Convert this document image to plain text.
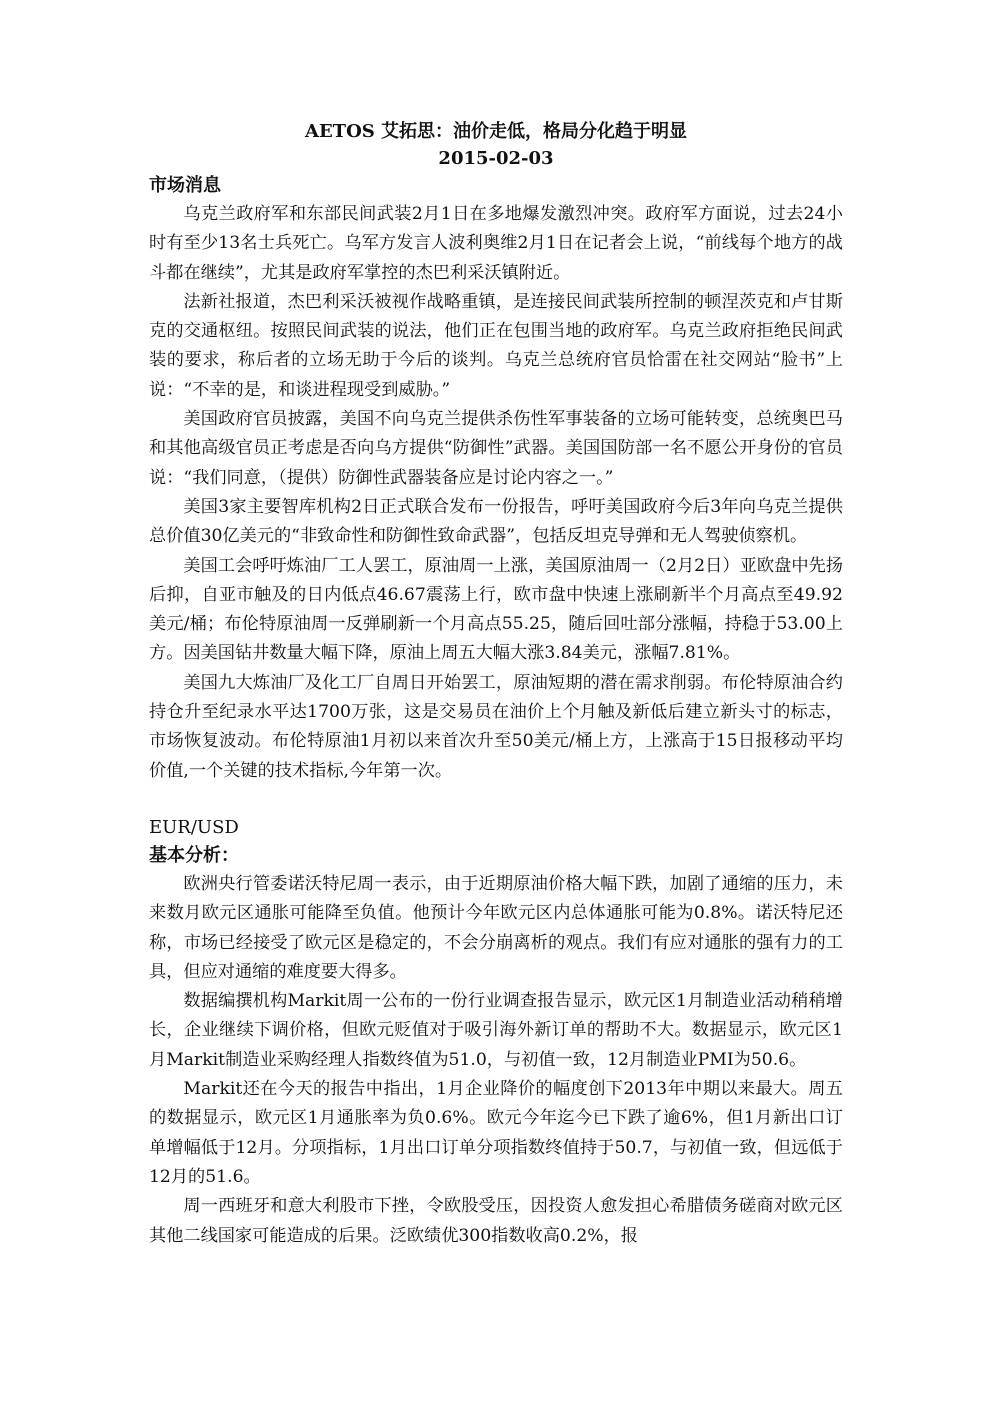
AETOS 艾拓思：油价走低，格局分化趋于明显
2015-02-03
市场消息

乌克兰政府军和东部民间武装2月1日在多地爆发激烈冲突。政府军方面说，过去24小时有至少13名士兵死亡。乌军方发言人波利奥维2月1日在记者会上说，“前线每个地方的战斗都在继续”，尤其是政府军掌控的杰巴利采沃镇附近。

法新社报道，杰巴利采沃被视作战略重镇，是连接民间武装所控制的顿涅茨克和卢甘斯克的交通枢纽。按照民间武装的说法，他们正在包围当地的政府军。乌克兰政府拒绝民间武装的要求，称后者的立场无助于今后的谈判。乌克兰总统府官员恰雷在社交网站“脸书”上说：“不幸的是，和谈进程现受到威胁。”

美国政府官员披露，美国不向乌克兰提供杀伤性军事装备的立场可能转变，总统奥巴马和其他高级官员正考虑是否向乌方提供“防御性”武器。美国国防部一名不愿公开身份的官员说：“我们同意，（提供）防御性武器装备应是讨论内容之一。”

美国3家主要智库机构2日正式联合发布一份报告，呼吁美国政府今后3年向乌克兰提供总价值30亿美元的“非致命性和防御性致命武器”，包括反坦克导弹和无人驾驶侦察机。

美国工会呼吁炼油厂工人罢工，原油周一上涨，美国原油周一（2月2日）亚欧盘中先扬后抑，自亚市触及的日内低点46.67震荡上行，欧市盘中快速上涨刷新半个月高点至49.92美元/桶；布伦特原油周一反弹刷新一个月高点55.25，随后回吐部分涨幅，持稳于53.00上方。因美国钻井数量大幅下降，原油上周五大幅大涨3.84美元，涨幅7.81%。

美国九大炼油厂及化工厂自周日开始罢工，原油短期的潜在需求削弱。布伦特原油合约持仓升至纪录水平达1700万张，这是交易员在油价上个月触及新低后建立新头寸的标志，市场恢复波动。布伦特原油1月初以来首次升至50美元/桶上方，上涨高于15日报移动平均价值,一个关键的技术指标,今年第一次。

EUR/USD
基本分析：

欧洲央行管委诺沃特尼周一表示，由于近期原油价格大幅下跌，加剧了通缩的压力，未来数月欧元区通胀可能降至负值。他预计今年欧元区内总体通胀可能为0.8%。诺沃特尼还称，市场已经接受了欧元区是稳定的，不会分崩离析的观点。我们有应对通胀的强有力的工具，但应对通缩的难度要大得多。

数据编撰机构Markit周一公布的一份行业调查报告显示，欧元区1月制造业活动稍稍增长，企业继续下调价格，但欧元贬值对于吸引海外新订单的帮助不大。数据显示，欧元区1月Markit制造业采购经理人指数终值为51.0，与初值一致，12月制造业PMI为50.6。

Markit还在今天的报告中指出，1月企业降价的幅度创下2013年中期以来最大。周五的数据显示，欧元区1月通胀率为负0.6%。欧元今年迄今已下跌了逾6%，但1月新出口订单增幅低于12月。分项指标，1月出口订单分项指数终值持于50.7，与初值一致，但远低于12月的51.6。

周一西班牙和意大利股市下挫，令欧股受压，因投资人愈发担心希腊债务磋商对欧元区其他二线国家可能造成的后果。泛欧绩优300指数收高0.2%，报
